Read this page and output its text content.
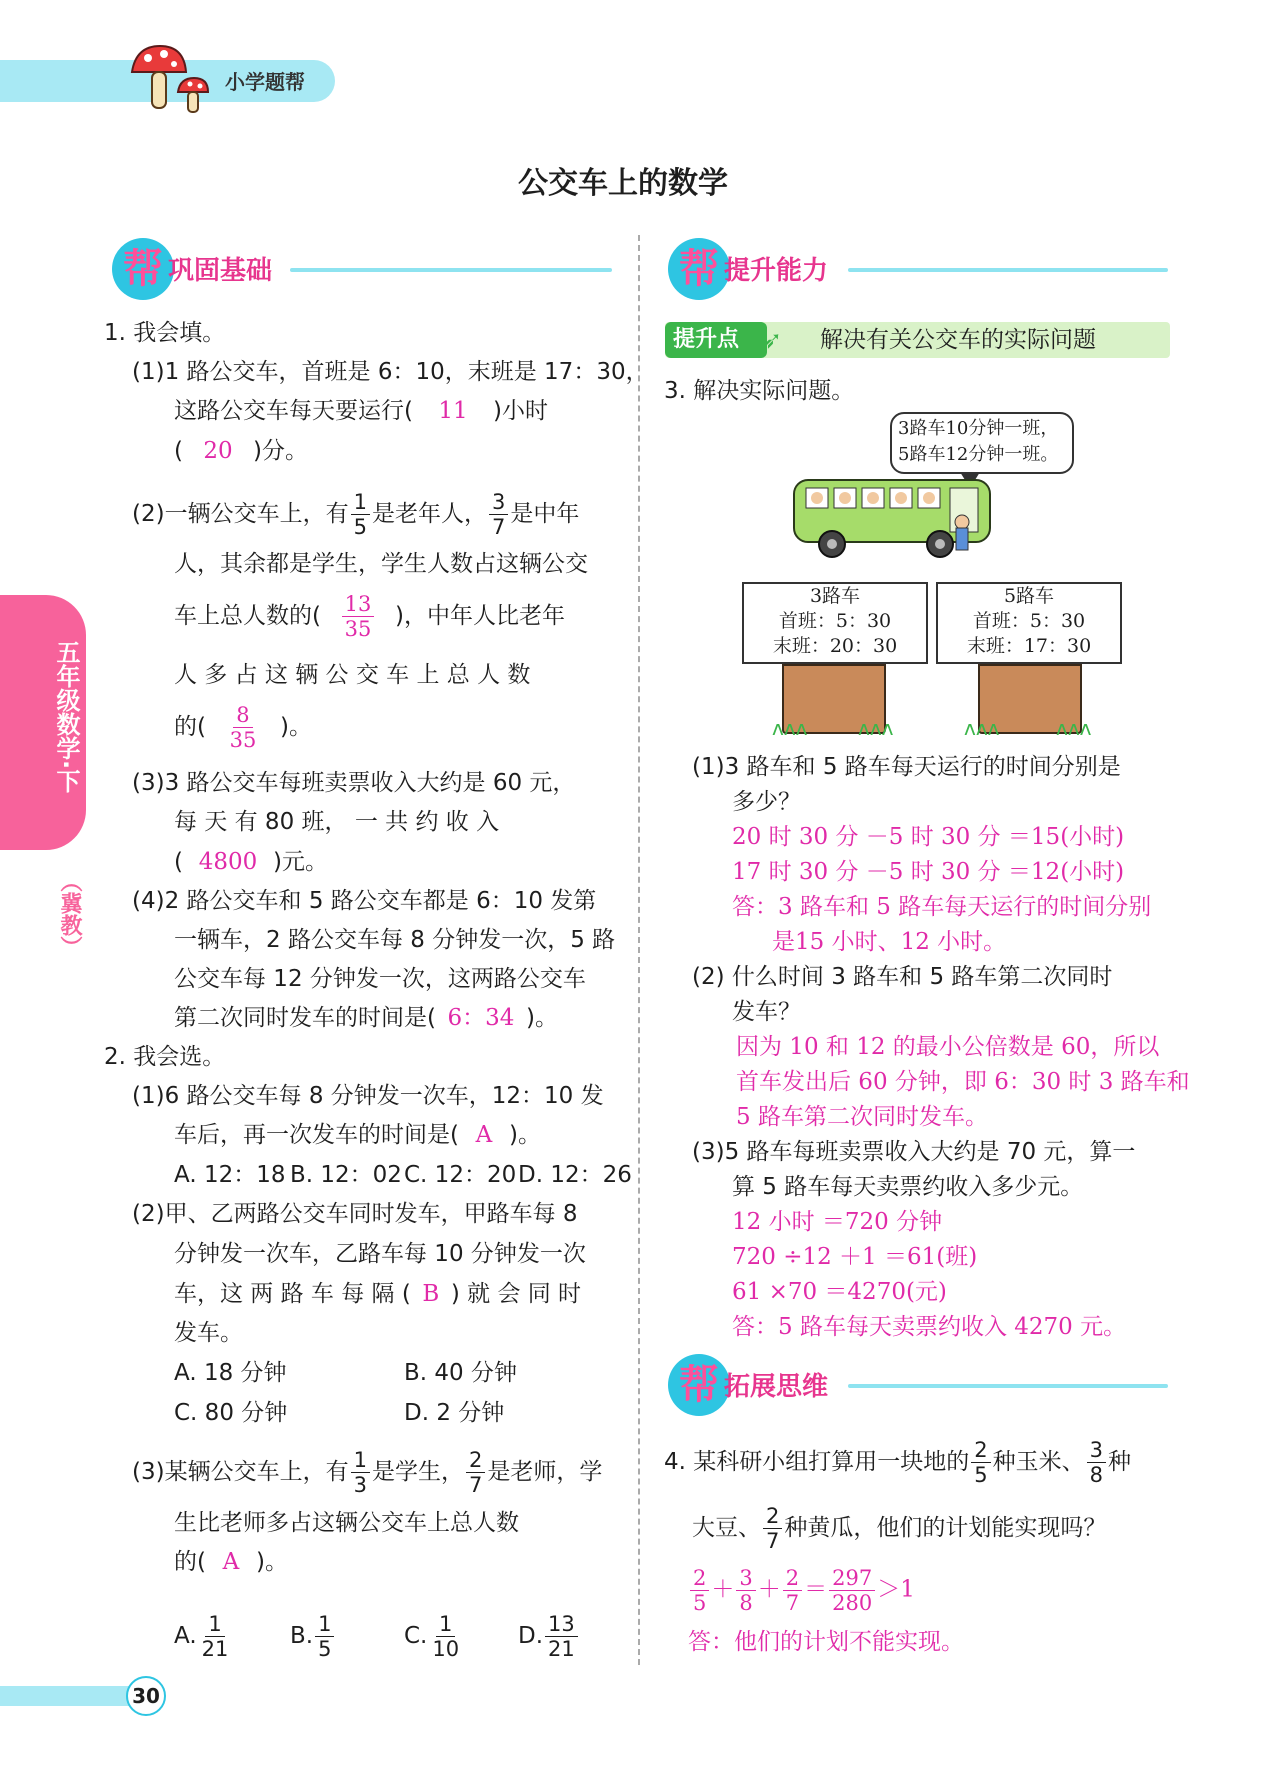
小学题帮
公交车上的数学
五年级数学·下
（冀教）
帮 巩固基础
1. 我会填。
(1)1 路公交车，首班是 6：10，末班是 17：30，
这路公交车每天要运行( 11 )小时
( 20 )分。
(2)一辆公交车上，有 $\frac{1}{5}$ 是老年人， $\frac{3}{7}$ 是中年
人，其余都是学生，学生人数占这辆公交
车上总人数的( $\frac{13}{35}$ )，中年人比老年
人 多 占 这 辆 公 交 车 上 总 人 数
的( $\frac{8}{35}$ )。
(3)3 路公交车每班卖票收入大约是 60 元，
每 天 有 80 班， 一 共 约 收 入
( 4800 )元。
(4)2 路公交车和 5 路公交车都是 6：10 发第
一辆车，2 路公交车每 8 分钟发一次，5 路
公交车每 12 分钟发一次，这两路公交车
第二次同时发车的时间是( 6：34 )。
2. 我会选。
(1)6 路公交车每 8 分钟发一次车，12：10 发
车后，再一次发车的时间是( A )。
A. 12：18 B. 12：02 C. 12：20 D. 12：26
(2)甲、乙两路公交车同时发车，甲路车每 8
分钟发一次车，乙路车每 10 分钟发一次
车，这 两 路 车 每 隔 ( B ) 就 会 同 时
发车。
A. 18 分钟	B. 40 分钟
C. 80 分钟	D. 2 分钟
(3)某辆公交车上，有 $\frac{1}{3}$ 是学生， $\frac{2}{7}$ 是老师，学
生比老师多占这辆公交车上总人数
的( A )。
A. $\frac{1}{21}$	B. $\frac{1}{5}$	C. $\frac{1}{10} D$. $\frac{13}{21}$
帮 提升能力
提升点 ➶ 解决有关公交车的实际问题
3. 解决实际问题。
3路车10分钟一班，
5路车12分钟一班。
3路车
首班：5：30
末班：20：30
ᴧᴧᴧ	ᴧᴧᴧ
5路车
首班：5：30
末班：17：30
ᴧᴧᴧ	ᴧᴧᴧ
(1)3 路车和 5 路车每天运行的时间分别是
多少？
20 时 30 分 －5 时 30 分 ＝15(小时)
17 时 30 分 －5 时 30 分 ＝12(小时)
答：3 路车和 5 路车每天运行的时间分别
是15 小时、12 小时。
(2) 什么时间 3 路车和 5 路车第二次同时
发车？
因为 10 和 12 的最小公倍数是 60，所以
首车发出后 60 分钟，即 6：30 时 3 路车和
5 路车第二次同时发车。
(3)5 路车每班卖票收入大约是 70 元，算一
算 5 路车每天卖票约收入多少元。
12 小时 ＝720 分钟
720 ÷12 ＋1 ＝61(班)
61 ×70 ＝4270(元)
答：5 路车每天卖票约收入 4270 元。
帮 拓展思维
4. 某科研小组打算用一块地的 $\frac{2}{5}$ 种玉米、 $\frac{3}{8}$ 种
大豆、 $\frac{2}{7}$ 种黄瓜，他们的计划能实现吗？
$\frac{2}{5} + \frac{3}{8} + \frac{2}{7} = \frac{297}{280} >1$
答：他们的计划不能实现。
30
